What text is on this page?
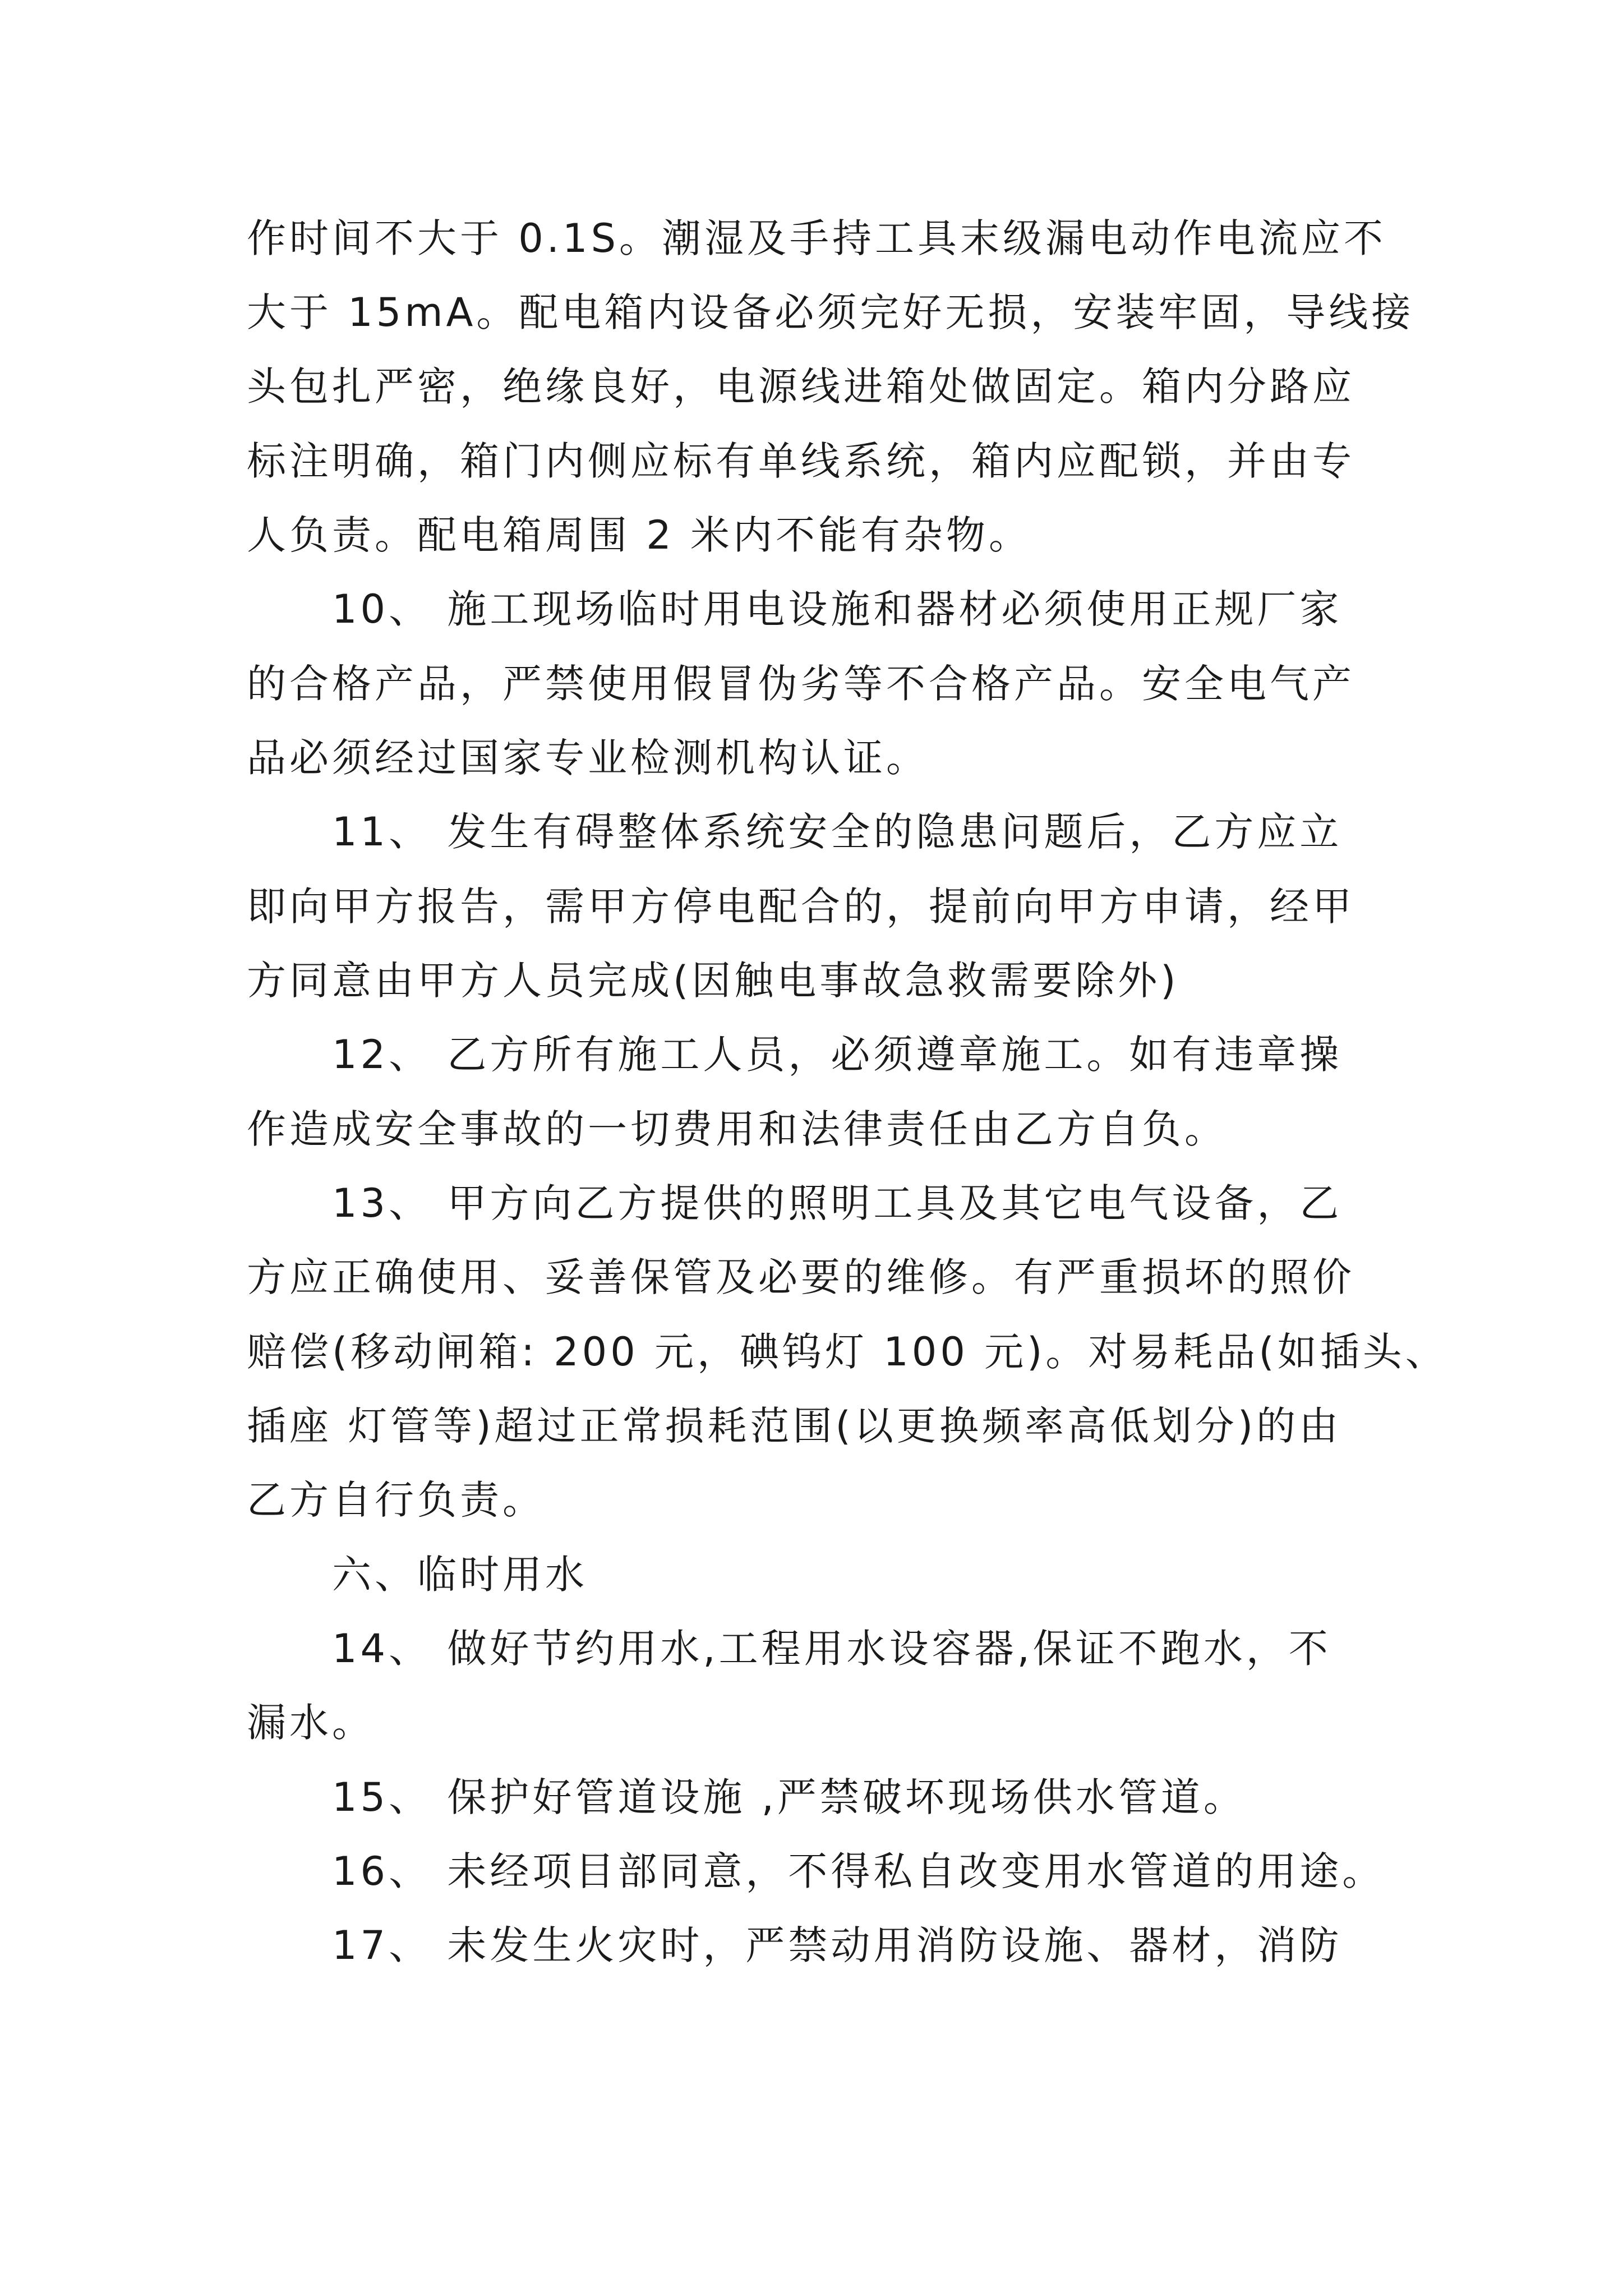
作时间不大于 0.1S。潮湿及手持工具末级漏电动作电流应不
大于 15mA。配电箱内设备必须完好无损，安装牢固，导线接
头包扎严密，绝缘良好，电源线进箱处做固定。箱内分路应
标注明确，箱门内侧应标有单线系统，箱内应配锁，并由专
人负责。配电箱周围 2 米内不能有杂物。
　　10、 施工现场临时用电设施和器材必须使用正规厂家
的合格产品，严禁使用假冒伪劣等不合格产品。安全电气产
品必须经过国家专业检测机构认证。
　　11、 发生有碍整体系统安全的隐患问题后，乙方应立
即向甲方报告，需甲方停电配合的，提前向甲方申请，经甲
方同意由甲方人员完成(因触电事故急救需要除外)
　　12、 乙方所有施工人员，必须遵章施工。如有违章操
作造成安全事故的一切费用和法律责任由乙方自负。
　　13、 甲方向乙方提供的照明工具及其它电气设备，乙
方应正确使用、妥善保管及必要的维修。有严重损坏的照价
赔偿(移动闸箱: 200 元，碘钨灯 100 元)。对易耗品(如插头、
插座 灯管等)超过正常损耗范围(以更换频率高低划分)的由
乙方自行负责。
　　六、临时用水
　　14、 做好节约用水,工程用水设容器,保证不跑水，不
漏水。
　　15、 保护好管道设施 ,严禁破坏现场供水管道。
　　16、 未经项目部同意，不得私自改变用水管道的用途。
　　17、 未发生火灾时，严禁动用消防设施、器材，消防
